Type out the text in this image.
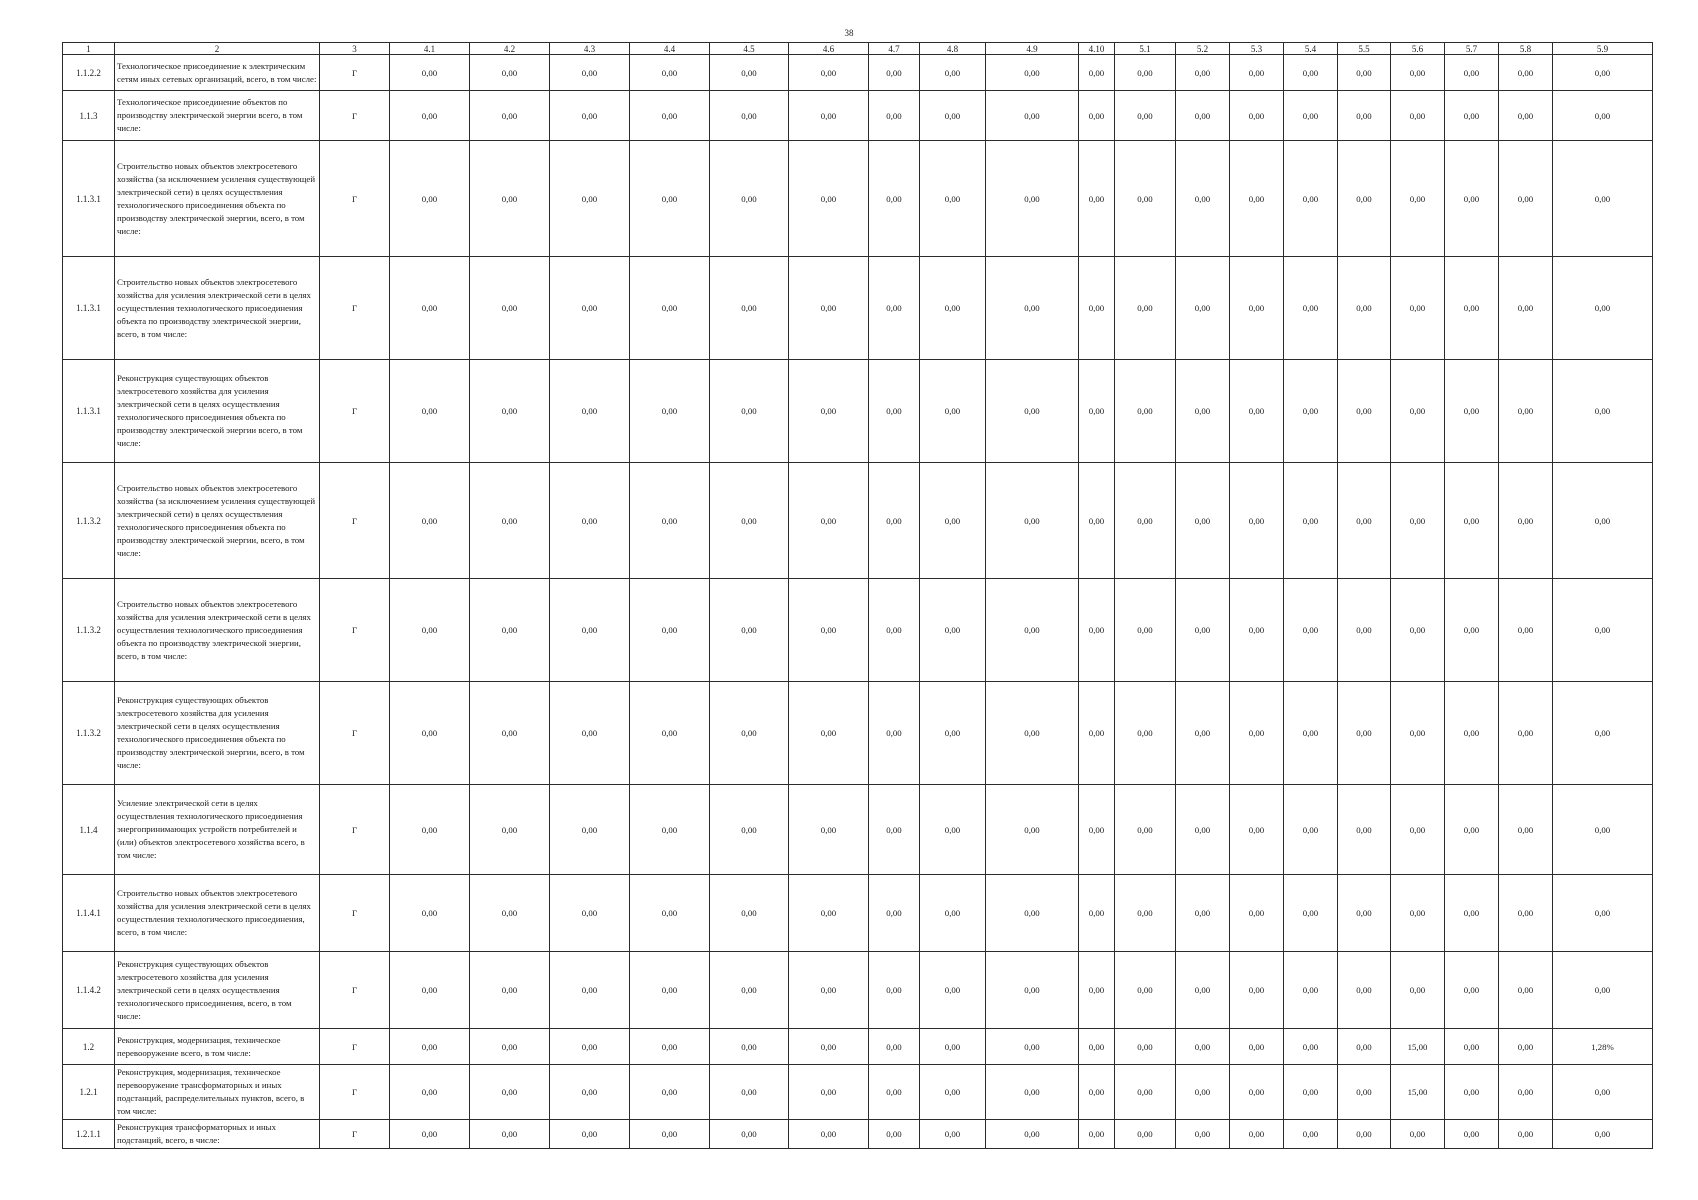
38
1	2	3	4.1	4.2	4.3	4.4	4.5	4.6	4.7	4.8	4.9	4.10	5.1	5.2	5.3	5.4	5.5	5.6	5.7	5.8	5.9
1.1.2.2	Технологическое присоединение к электрическим сетям иных сетевых организаций, всего, в том числе:	Г	0,00	0,00	0,00	0,00	0,00	0,00	0,00	0,00	0,00	0,00	0,00	0,00	0,00	0,00	0,00	0,00	0,00	0,00	0,00
1.1.3	Технологическое присоединение объектов по производству электрической энергии всего, в том числе:	Г	0,00	0,00	0,00	0,00	0,00	0,00	0,00	0,00	0,00	0,00	0,00	0,00	0,00	0,00	0,00	0,00	0,00	0,00	0,00
1.1.3.1	Строительство новых объектов электросетевого хозяйства (за исключением усиления существующей электрической сети) в целях осуществления технологического присоединения объекта по производству электрической энергии, всего, в том числе:	Г	0,00	0,00	0,00	0,00	0,00	0,00	0,00	0,00	0,00	0,00	0,00	0,00	0,00	0,00	0,00	0,00	0,00	0,00	0,00
1.1.3.1	Строительство новых объектов электросетевого хозяйства для усиления электрической сети в целях осуществления технологического присоединения объекта по производству электрической энергии, всего, в том числе:	Г	0,00	0,00	0,00	0,00	0,00	0,00	0,00	0,00	0,00	0,00	0,00	0,00	0,00	0,00	0,00	0,00	0,00	0,00	0,00
1.1.3.1	Реконструкция существующих объектов электросетевого хозяйства для усиления электрической сети в целях осуществления технологического присоединения объекта по производству электрической энергии всего, в том числе:	Г	0,00	0,00	0,00	0,00	0,00	0,00	0,00	0,00	0,00	0,00	0,00	0,00	0,00	0,00	0,00	0,00	0,00	0,00	0,00
1.1.3.2	Строительство новых объектов электросетевого хозяйства (за исключением усиления существующей электрической сети) в целях осуществления технологического присоединения объекта по производству электрической энергии, всего, в том числе:	Г	0,00	0,00	0,00	0,00	0,00	0,00	0,00	0,00	0,00	0,00	0,00	0,00	0,00	0,00	0,00	0,00	0,00	0,00	0,00
1.1.3.2	Строительство новых объектов электросетевого хозяйства для усиления электрической сети в целях осуществления технологического присоединения объекта по производству электрической энергии, всего, в том числе:	Г	0,00	0,00	0,00	0,00	0,00	0,00	0,00	0,00	0,00	0,00	0,00	0,00	0,00	0,00	0,00	0,00	0,00	0,00	0,00
1.1.3.2	Реконструкция существующих объектов электросетевого хозяйства для усиления электрической сети в целях осуществления технологического присоединения объекта по производству электрической энергии, всего, в том числе:	Г	0,00	0,00	0,00	0,00	0,00	0,00	0,00	0,00	0,00	0,00	0,00	0,00	0,00	0,00	0,00	0,00	0,00	0,00	0,00
1.1.4	Усиление электрической сети в целях осуществления технологического присоединения энергопринимающих устройств потребителей и (или) объектов электросетевого хозяйства всего, в том числе:	Г	0,00	0,00	0,00	0,00	0,00	0,00	0,00	0,00	0,00	0,00	0,00	0,00	0,00	0,00	0,00	0,00	0,00	0,00	0,00
1.1.4.1	Строительство новых объектов электросетевого хозяйства для усиления электрической сети в целях осуществления технологического присоединения, всего, в том числе:	Г	0,00	0,00	0,00	0,00	0,00	0,00	0,00	0,00	0,00	0,00	0,00	0,00	0,00	0,00	0,00	0,00	0,00	0,00	0,00
1.1.4.2	Реконструкция существующих объектов электросетевого хозяйства для усиления электрической сети в целях осуществления технологического присоединения, всего, в том числе:	Г	0,00	0,00	0,00	0,00	0,00	0,00	0,00	0,00	0,00	0,00	0,00	0,00	0,00	0,00	0,00	0,00	0,00	0,00	0,00
1.2	Реконструкция, модернизация, техническое перевооружение всего, в том числе:	Г	0,00	0,00	0,00	0,00	0,00	0,00	0,00	0,00	0,00	0,00	0,00	0,00	0,00	0,00	0,00	15,00	0,00	0,00	1,28%
1.2.1	Реконструкция, модернизация, техническое перевооружение трансформаторных и иных подстанций, распределительных пунктов, всего, в том числе:	Г	0,00	0,00	0,00	0,00	0,00	0,00	0,00	0,00	0,00	0,00	0,00	0,00	0,00	0,00	0,00	15,00	0,00	0,00	0,00
1.2.1.1	Реконструкция трансформаторных и иных подстанций, всего, в числе:	Г	0,00	0,00	0,00	0,00	0,00	0,00	0,00	0,00	0,00	0,00	0,00	0,00	0,00	0,00	0,00	0,00	0,00	0,00	0,00
